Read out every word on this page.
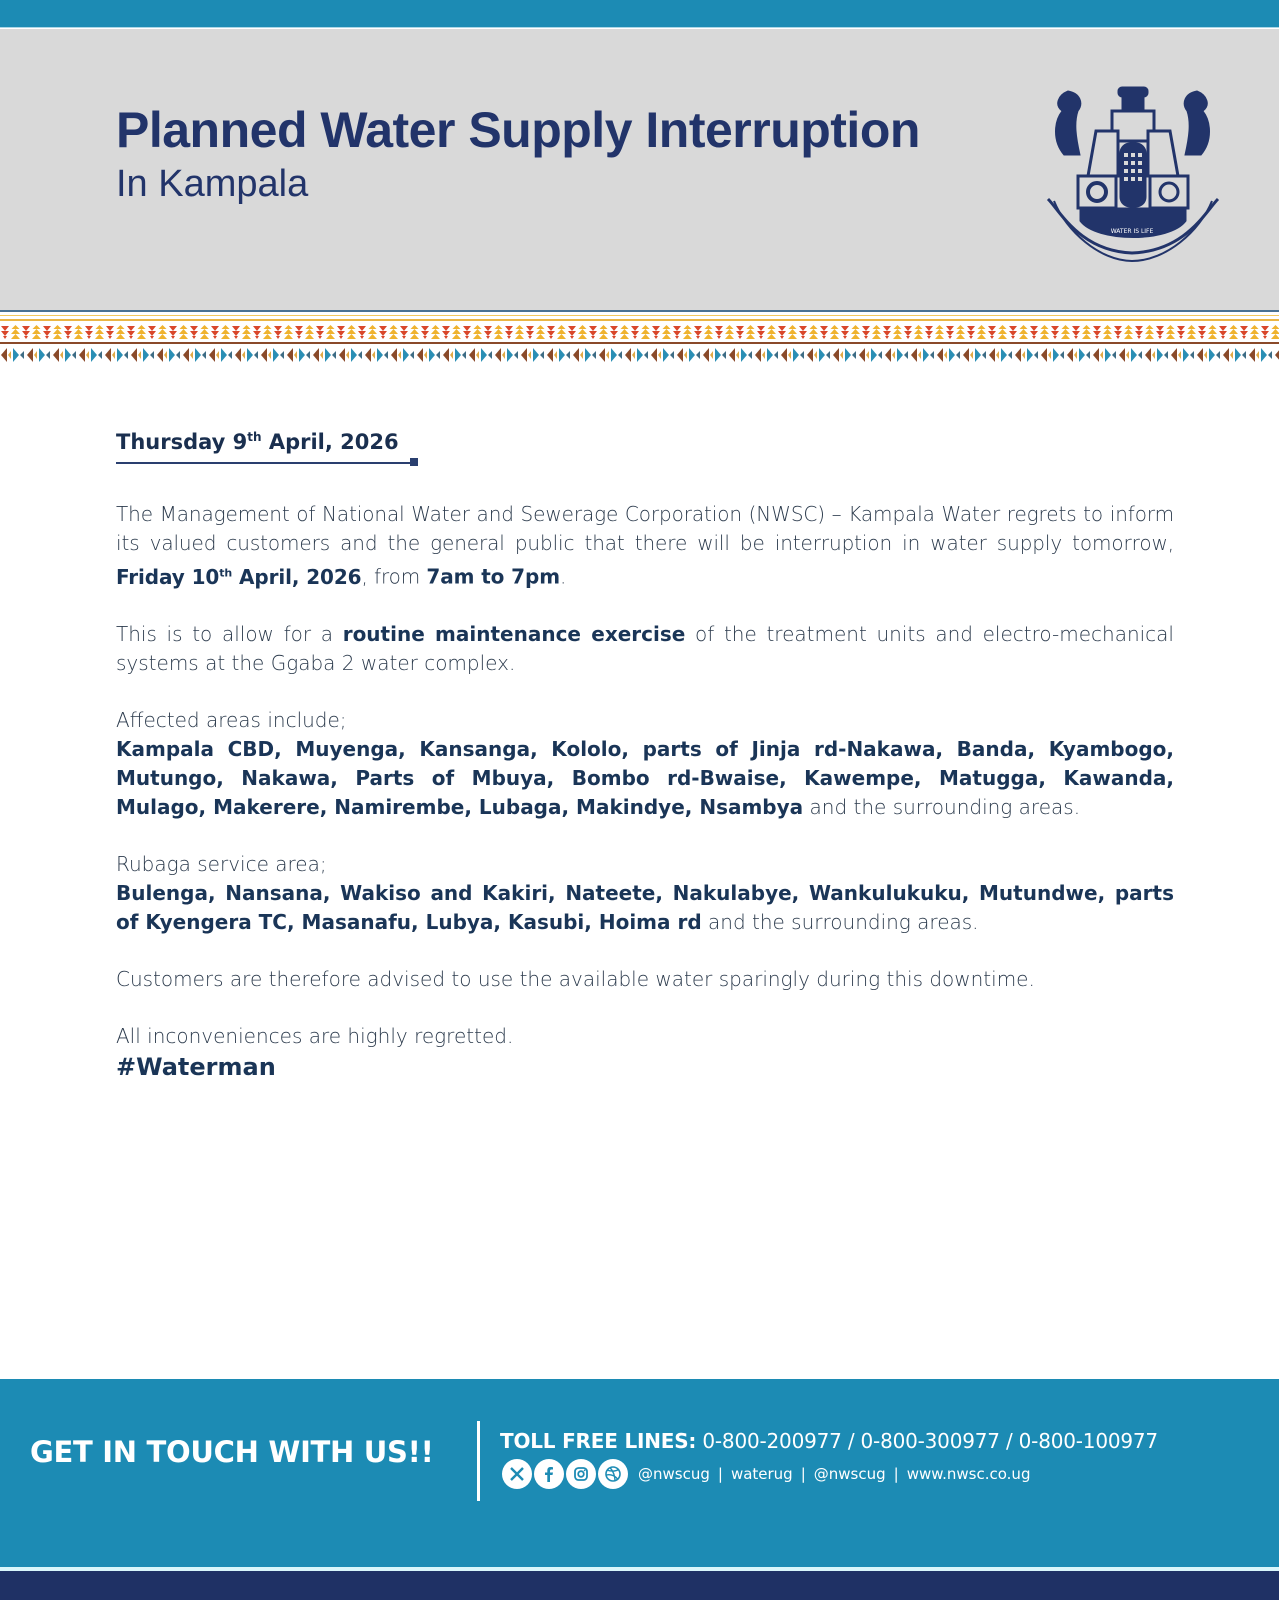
Planned Water Supply Interruption
In Kampala
WATER IS LIFE
Thursday 9th April, 2026

The Management of National Water and Sewerage Corporation (NWSC) – Kampala Water regrets to inform its valued customers and the general public that there will be interruption in water supply tomorrow, Friday 10th April, 2026, from 7am to 7pm.

This is to allow for a routine maintenance exercise of the treatment units and electro-mechanical systems at the Ggaba 2 water complex.

Affected areas include;
Kampala CBD, Muyenga, Kansanga, Kololo, parts of Jinja rd-Nakawa, Banda, Kyambogo, Mutungo, Nakawa, Parts of Mbuya, Bombo rd-Bwaise, Kawempe, Matugga, Kawanda, Mulago, Makerere, Namirembe, Lubaga, Makindye, Nsambya and the surrounding areas.

Rubaga service area;
Bulenga, Nansana, Wakiso and Kakiri, Nateete, Nakulabye, Wankulukuku, Mutundwe, parts of Kyengera TC, Masanafu, Lubya, Kasubi, Hoima rd and the surrounding areas.

Customers are therefore advised to use the available water sparingly during this downtime.

All inconveniences are highly regretted.

#Waterman
GET IN TOUCH WITH US!!	TOLL FREE LINES: 0-800-200977 / 0-800-300977 / 0-800-100977
@nwscug | waterug | @nwscug | www.nwsc.co.ug
